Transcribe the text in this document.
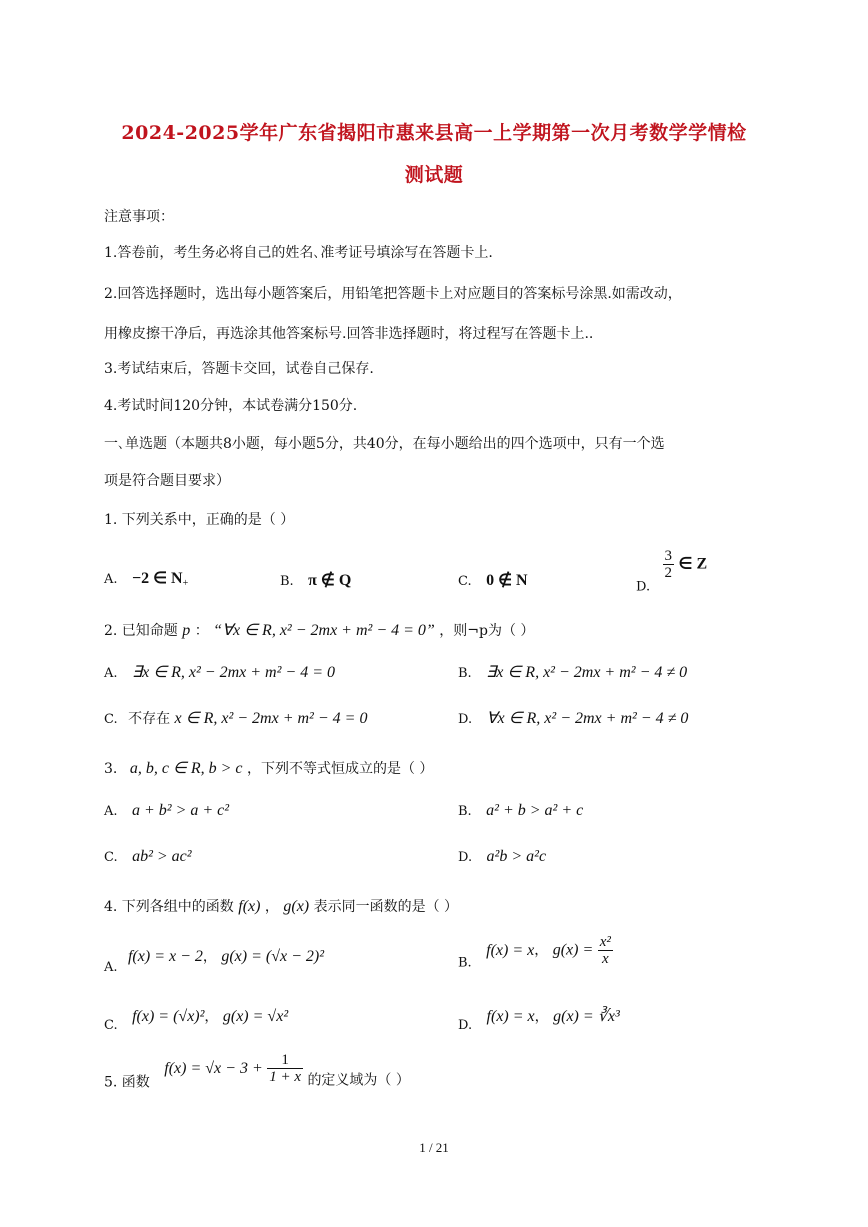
2024-2025学年广东省揭阳市惠来县高一上学期第一次月考数学学情检
测试题
注意事项：
1.答卷前，考生务必将自己的姓名､准考证号填涂写在答题卡上.
2.回答选择题时，选出每小题答案后，用铅笔把答题卡上对应题目的答案标号涂黑.如需改动，
用橡皮擦干净后，再选涂其他答案标号.回答非选择题时，将过程写在答题卡上..
3.考试结束后，答题卡交回，试卷自己保存.
4.考试时间120分钟，本试卷满分150分.
一､单选题（本题共8小题，每小题5分，共40分，在每小题给出的四个选项中，只有一个选
项是符合题目要求）
1. 下列关系中，正确的是（ ）
A. −2 ∈ $N_+$	B. π ∉ Q	C. 0 ∉ N	D.
$\frac{3}{2}$ ∈ Z
2. 已知命题 p ： “∀x ∈ R, x² − 2mx + m² − 4 = 0” ，则¬p为（ ）
A. ∃x ∈ R, x² − 2mx + m² − 4 = 0	B. ∃x ∈ R, x² − 2mx + m² − 4 ≠ 0
C. 不存在 x ∈ R, x² − 2mx + m² − 4 = 0	D. ∀x ∈ R, x² − 2mx + m² − 4 ≠ 0
3. a, b, c ∈ R, b > c ，下列不等式恒成立的是（ ）
A. a + b² > a + c²	B. a² + b > a² + c
C. ab² > ac²	D. a²b > a²c
4. 下列各组中的函数 f(x) ， g(x) 表示同一函数的是（ ）
A. f(x) = x − 2， g(x) = (√x − 2)²	B. f(x) = x， $g(x) = \frac{\text{x²}}{x}$
C. f(x) = (√x)²， g(x) = √x²
D. f(x) = x， g(x) = ∛x³
5. 函数 $f(x) = √x - 3 + \frac{1}{1 + x}$ 的定义域为（ ）
1 / 21
